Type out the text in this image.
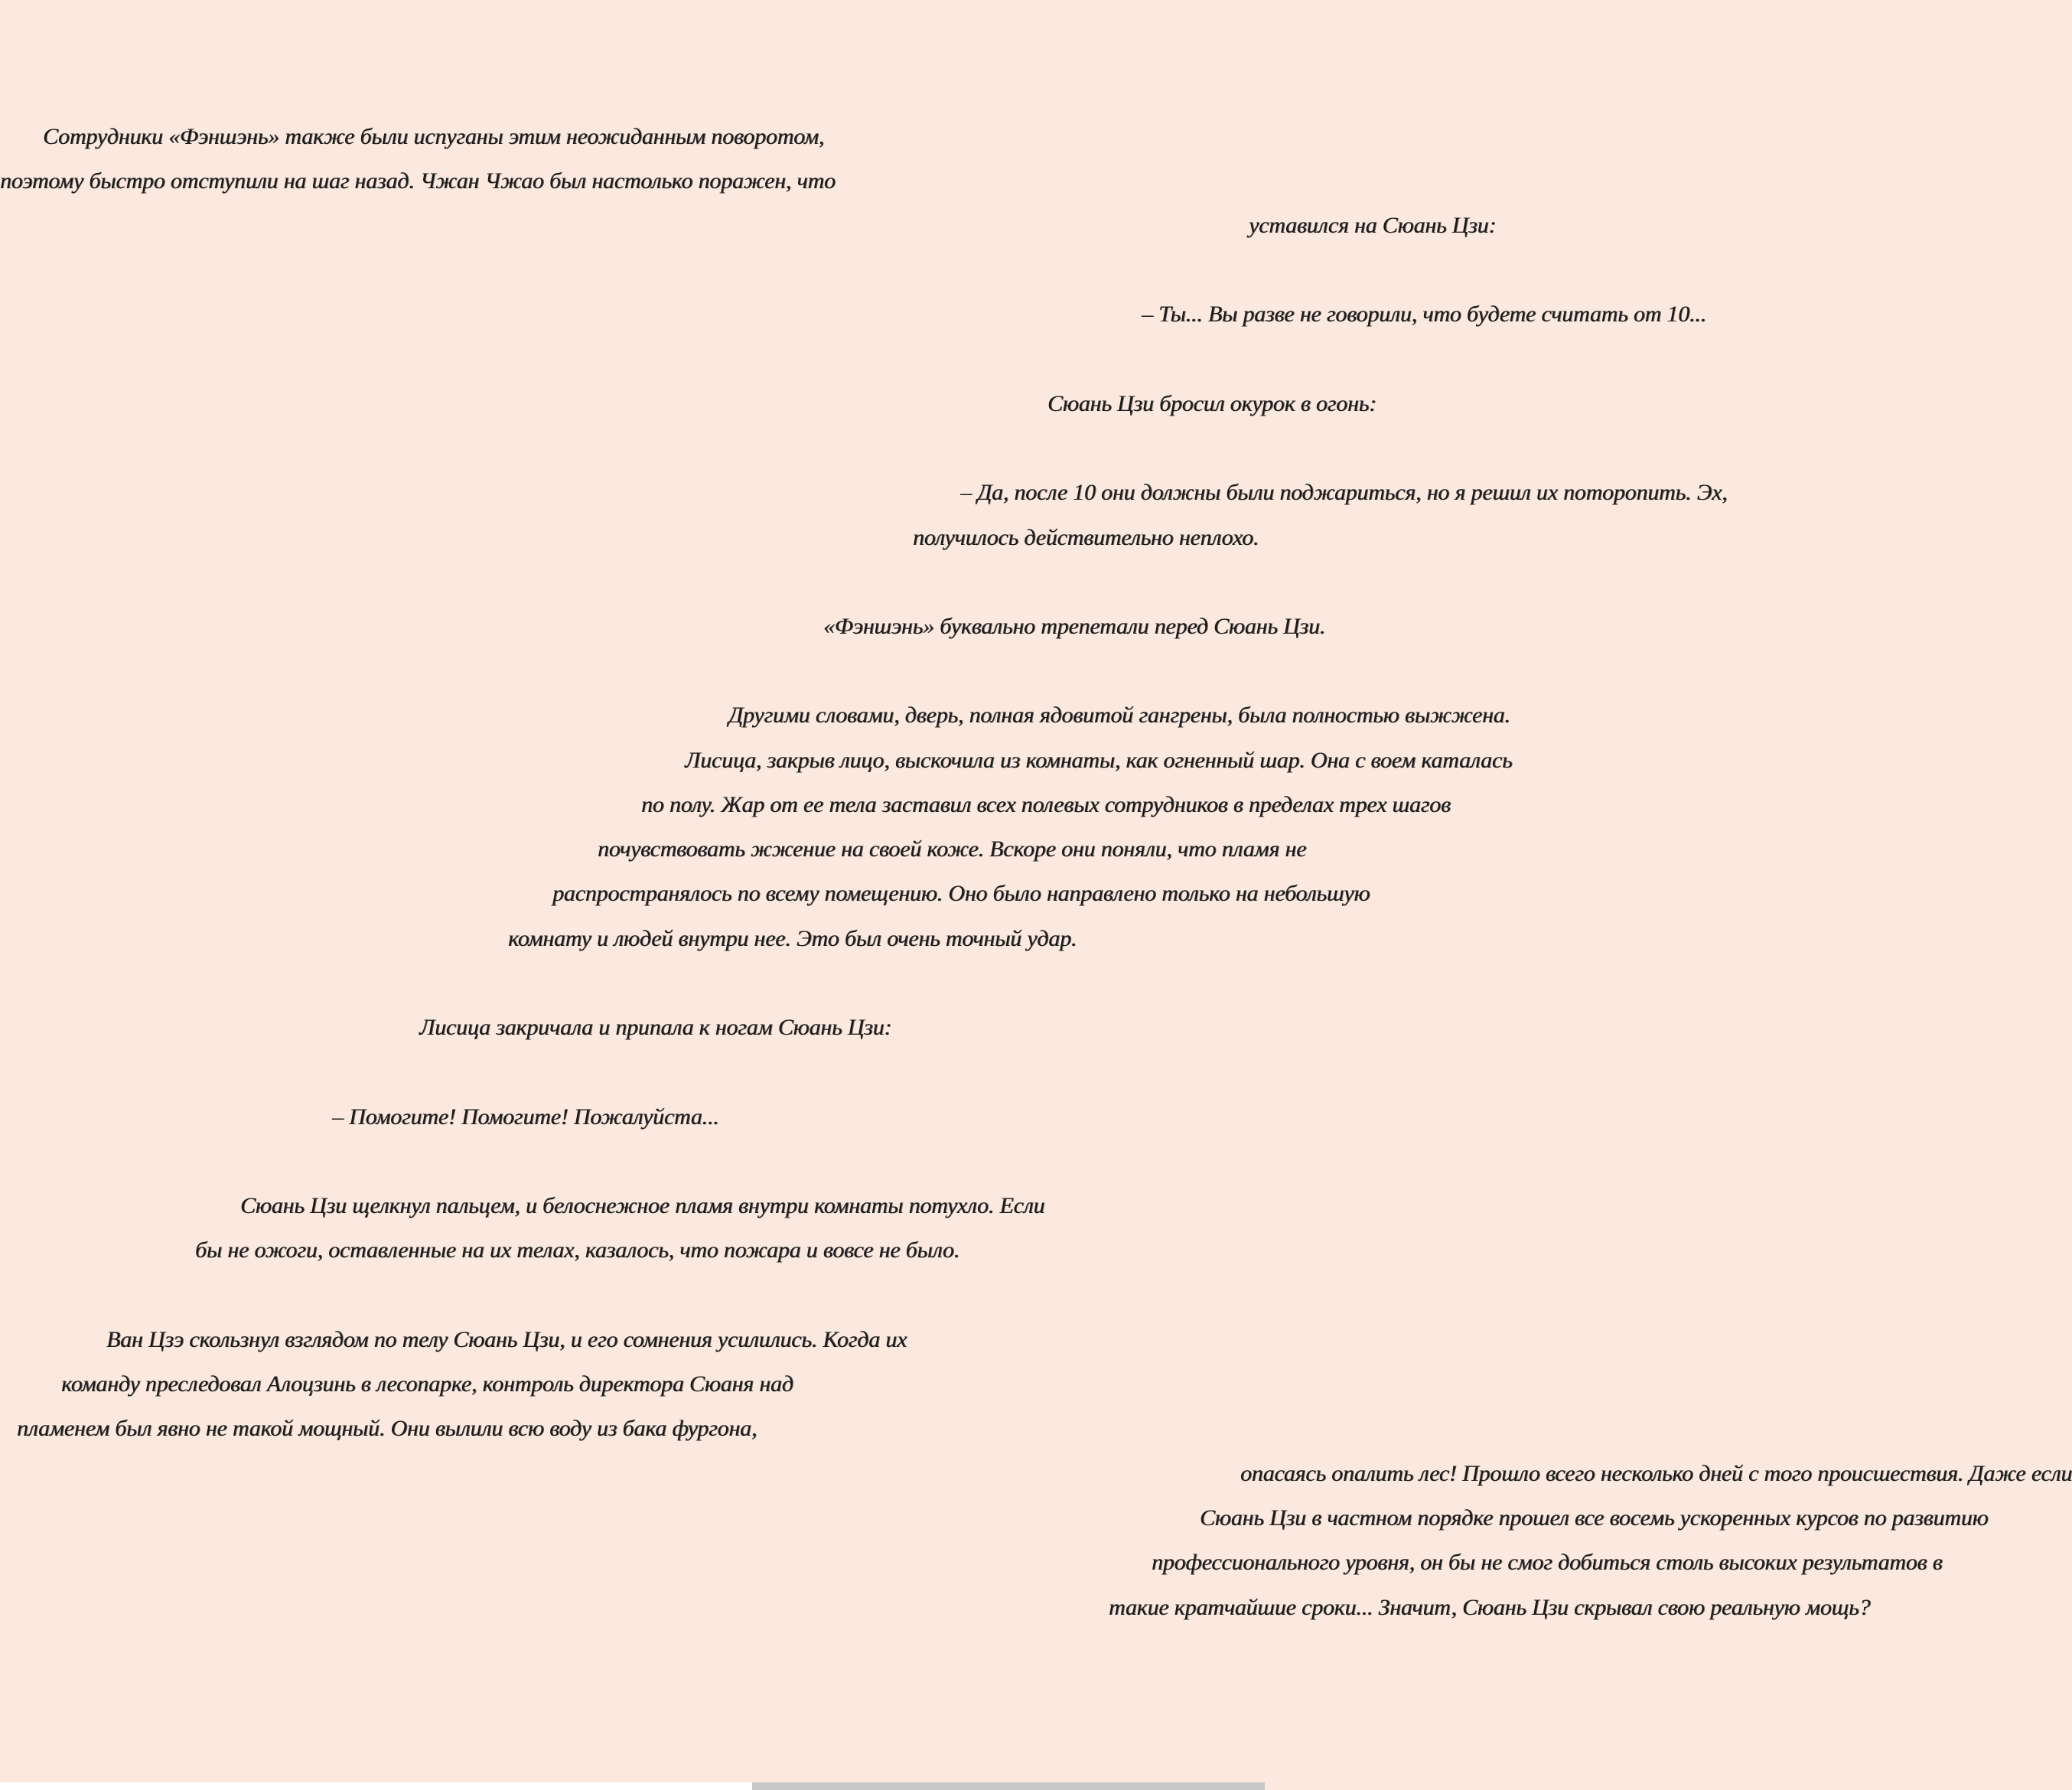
Сотрудники «Фэншэнь» также были испуганы этим неожиданным поворотом,
поэтому быстро отступили на шаг назад. Чжан Чжао был настолько поражен, что
уставился на Сюань Цзи:
– Ты... Вы разве не говорили, что будете считать от 10...
Сюань Цзи бросил окурок в огонь:
– Да, после 10 они должны были поджариться, но я решил их поторопить. Эх,
получилось действительно неплохо.
«Фэншэнь» буквально трепетали перед Сюань Цзи.
Другими словами, дверь, полная ядовитой гангрены, была полностью выжжена.
Лисица, закрыв лицо, выскочила из комнаты, как огненный шар. Она с воем каталась
по полу. Жар от ее тела заставил всех полевых сотрудников в пределах трех шагов
почувствовать жжение на своей коже. Вскоре они поняли, что пламя не
распространялось по всему помещению. Оно было направлено только на небольшую
комнату и людей внутри нее. Это был очень точный удар.
Лисица закричала и припала к ногам Сюань Цзи:
– Помогите! Помогите! Пожалуйста...
Сюань Цзи щелкнул пальцем, и белоснежное пламя внутри комнаты потухло. Если
бы не ожоги, оставленные на их телах, казалось, что пожара и вовсе не было.
Ван Цзэ скользнул взглядом по телу Сюань Цзи, и его сомнения усилились. Когда их
команду преследовал Алоцзинь в лесопарке, контроль директора Сюаня над
пламенем был явно не такой мощный. Они вылили всю воду из бака фургона,
опасаясь опалить лес! Прошло всего несколько дней с того происшествия. Даже если
Сюань Цзи в частном порядке прошел все восемь ускоренных курсов по развитию
профессионального уровня, он бы не смог добиться столь высоких результатов в
такие кратчайшие сроки... Значит, Сюань Цзи скрывал свою реальную мощь?
